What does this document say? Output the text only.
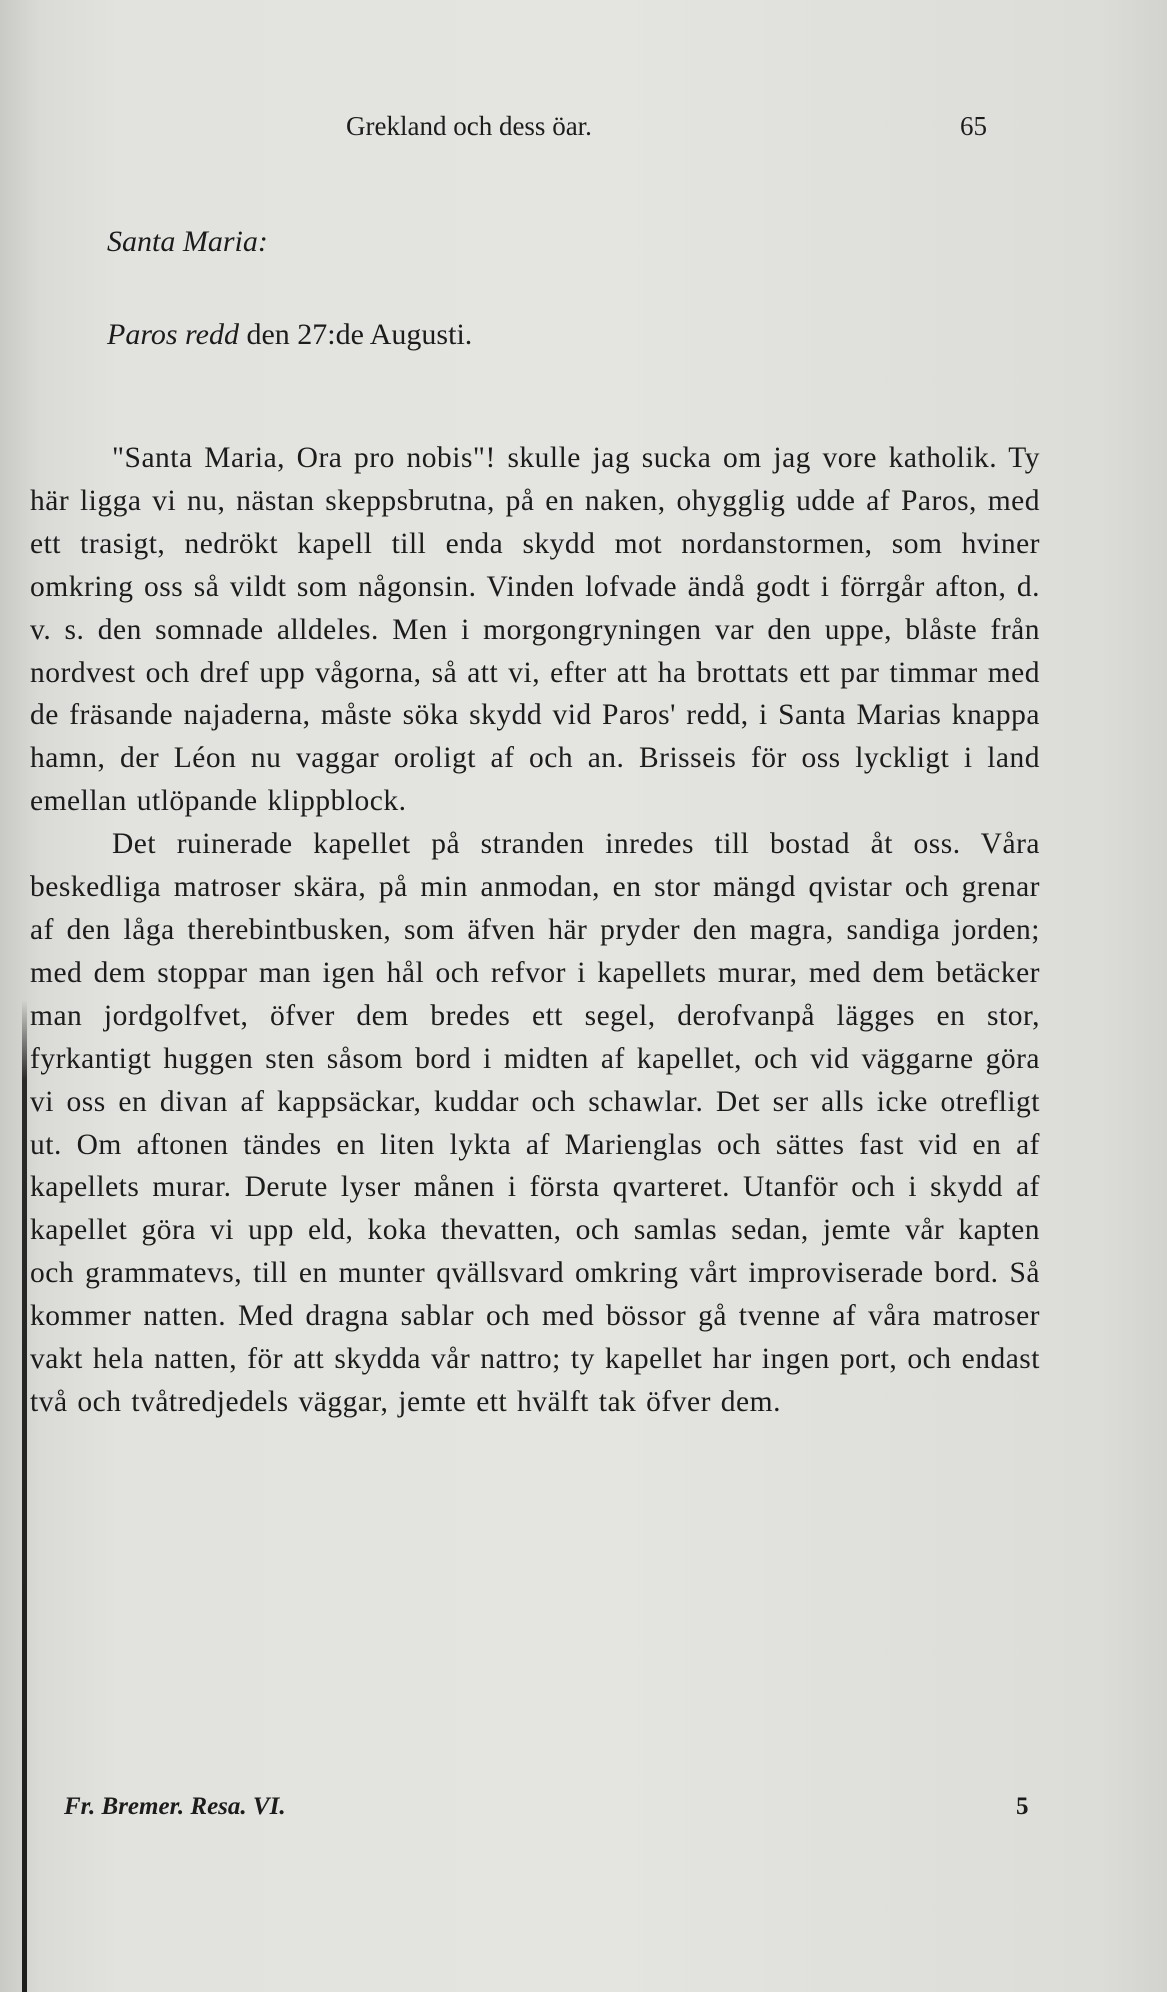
Grekland och dess öar.	65
Santa Maria:
Paros redd den 27:de Augusti.

"Santa Maria, Ora pro nobis"! skulle jag sucka om jag vore katholik. Ty här ligga vi nu, nästan skeppsbrutna, på en naken, ohygglig udde af Paros, med ett trasigt, nedrökt kapell till enda skydd mot nordanstormen, som hviner omkring oss så vildt som någonsin. Vinden lofvade ändå godt i förrgår afton, d. v. s. den somnade alldeles. Men i morgongryningen var den uppe, blåste från nordvest och dref upp vågorna, så att vi, efter att ha brottats ett par timmar med de fräsande najaderna, måste söka skydd vid Paros' redd, i Santa Marias knappa hamn, der Léon nu vaggar oroligt af och an. Brisseis för oss lyckligt i land emellan utlöpande klippblock.

Det ruinerade kapellet på stranden inredes till bostad åt oss. Våra beskedliga matroser skära, på min anmodan, en stor mängd qvistar och grenar af den låga therebintbusken, som äfven här pryder den magra, sandiga jorden; med dem stoppar man igen hål och refvor i kapellets murar, med dem betäcker man jordgolfvet, öfver dem bredes ett segel, derofvanpå lägges en stor, fyrkantigt huggen sten såsom bord i midten af kapellet, och vid väggarne göra vi oss en divan af kappsäckar, kuddar och schawlar. Det ser alls icke otrefligt ut. Om aftonen tändes en liten lykta af Marienglas och sättes fast vid en af kapellets murar. Derute lyser månen i första qvarteret. Utanför och i skydd af kapellet göra vi upp eld, koka thevatten, och samlas sedan, jemte vår kapten och grammatevs, till en munter qvällsvard omkring vårt improviserade bord. Så kommer natten. Med dragna sablar och med bössor gå tvenne af våra matroser vakt hela natten, för att skydda vår nattro; ty kapellet har ingen port, och endast två och tvåtredjedels väggar, jemte ett hvälft tak öfver dem.

Fr. Bremer. Resa. VI.	5
